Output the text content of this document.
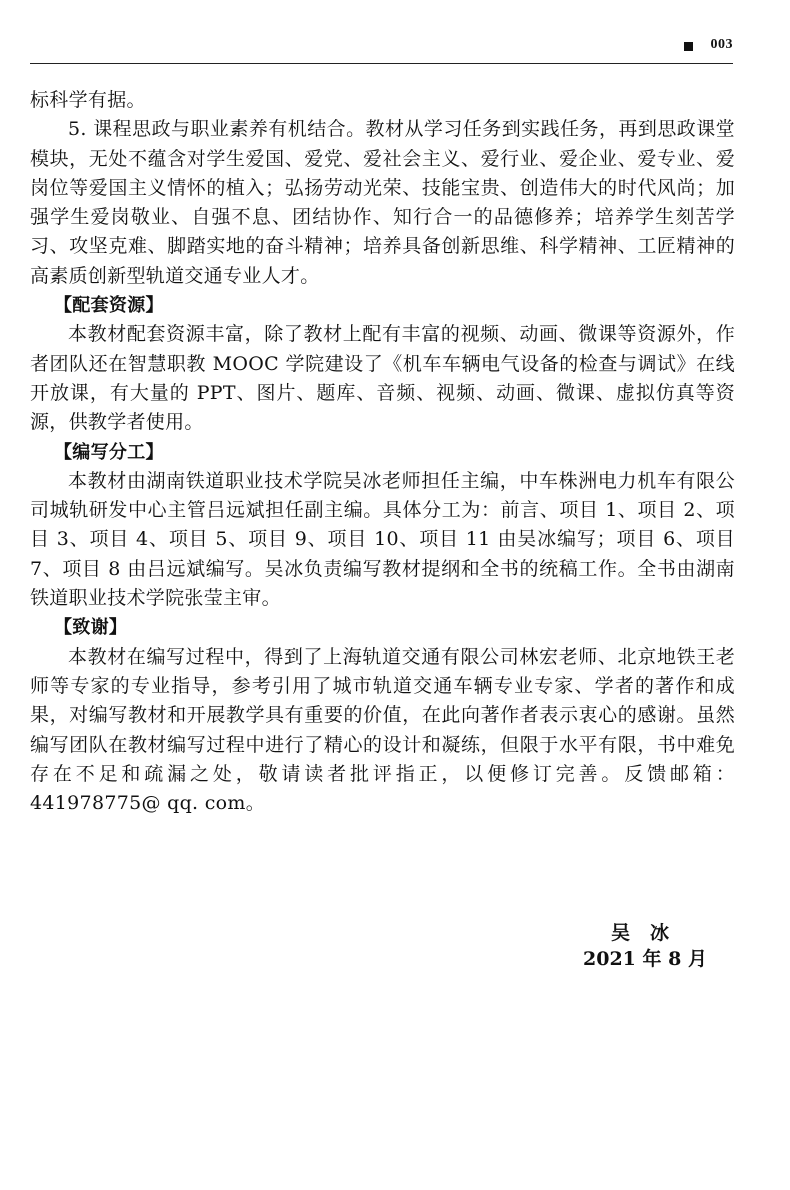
003

标科学有据。

5. 课程思政与职业素养有机结合。教材从学习任务到实践任务，再到思政课堂模块，无处不蕴含对学生爱国、爱党、爱社会主义、爱行业、爱企业、爱专业、爱岗位等爱国主义情怀的植入；弘扬劳动光荣、技能宝贵、创造伟大的时代风尚；加强学生爱岗敬业、自强不息、团结协作、知行合一的品德修养；培养学生刻苦学习、攻坚克难、脚踏实地的奋斗精神；培养具备创新思维、科学精神、工匠精神的高素质创新型轨道交通专业人才。

【配套资源】

本教材配套资源丰富，除了教材上配有丰富的视频、动画、微课等资源外，作者团队还在智慧职教 MOOC 学院建设了《机车车辆电气设备的检查与调试》在线开放课，有大量的 PPT、图片、题库、音频、视频、动画、微课、虚拟仿真等资源，供教学者使用。

【编写分工】

本教材由湖南铁道职业技术学院吴冰老师担任主编，中车株洲电力机车有限公司城轨研发中心主管吕远斌担任副主编。具体分工为：前言、项目 1、项目 2、项目 3、项目 4、项目 5、项目 9、项目 10、项目 11 由吴冰编写；项目 6、项目 7、项目 8 由吕远斌编写。吴冰负责编写教材提纲和全书的统稿工作。全书由湖南铁道职业技术学院张莹主审。

【致谢】

本教材在编写过程中，得到了上海轨道交通有限公司林宏老师、北京地铁王老师等专家的专业指导，参考引用了城市轨道交通车辆专业专家、学者的著作和成果，对编写教材和开展教学具有重要的价值，在此向著作者表示衷心的感谢。虽然编写团队在教材编写过程中进行了精心的设计和凝练，但限于水平有限，书中难免存在不足和疏漏之处，敬请读者批评指正，以便修订完善。反馈邮箱：441978775@ qq. com。

吴冰
2021 年 8 月
